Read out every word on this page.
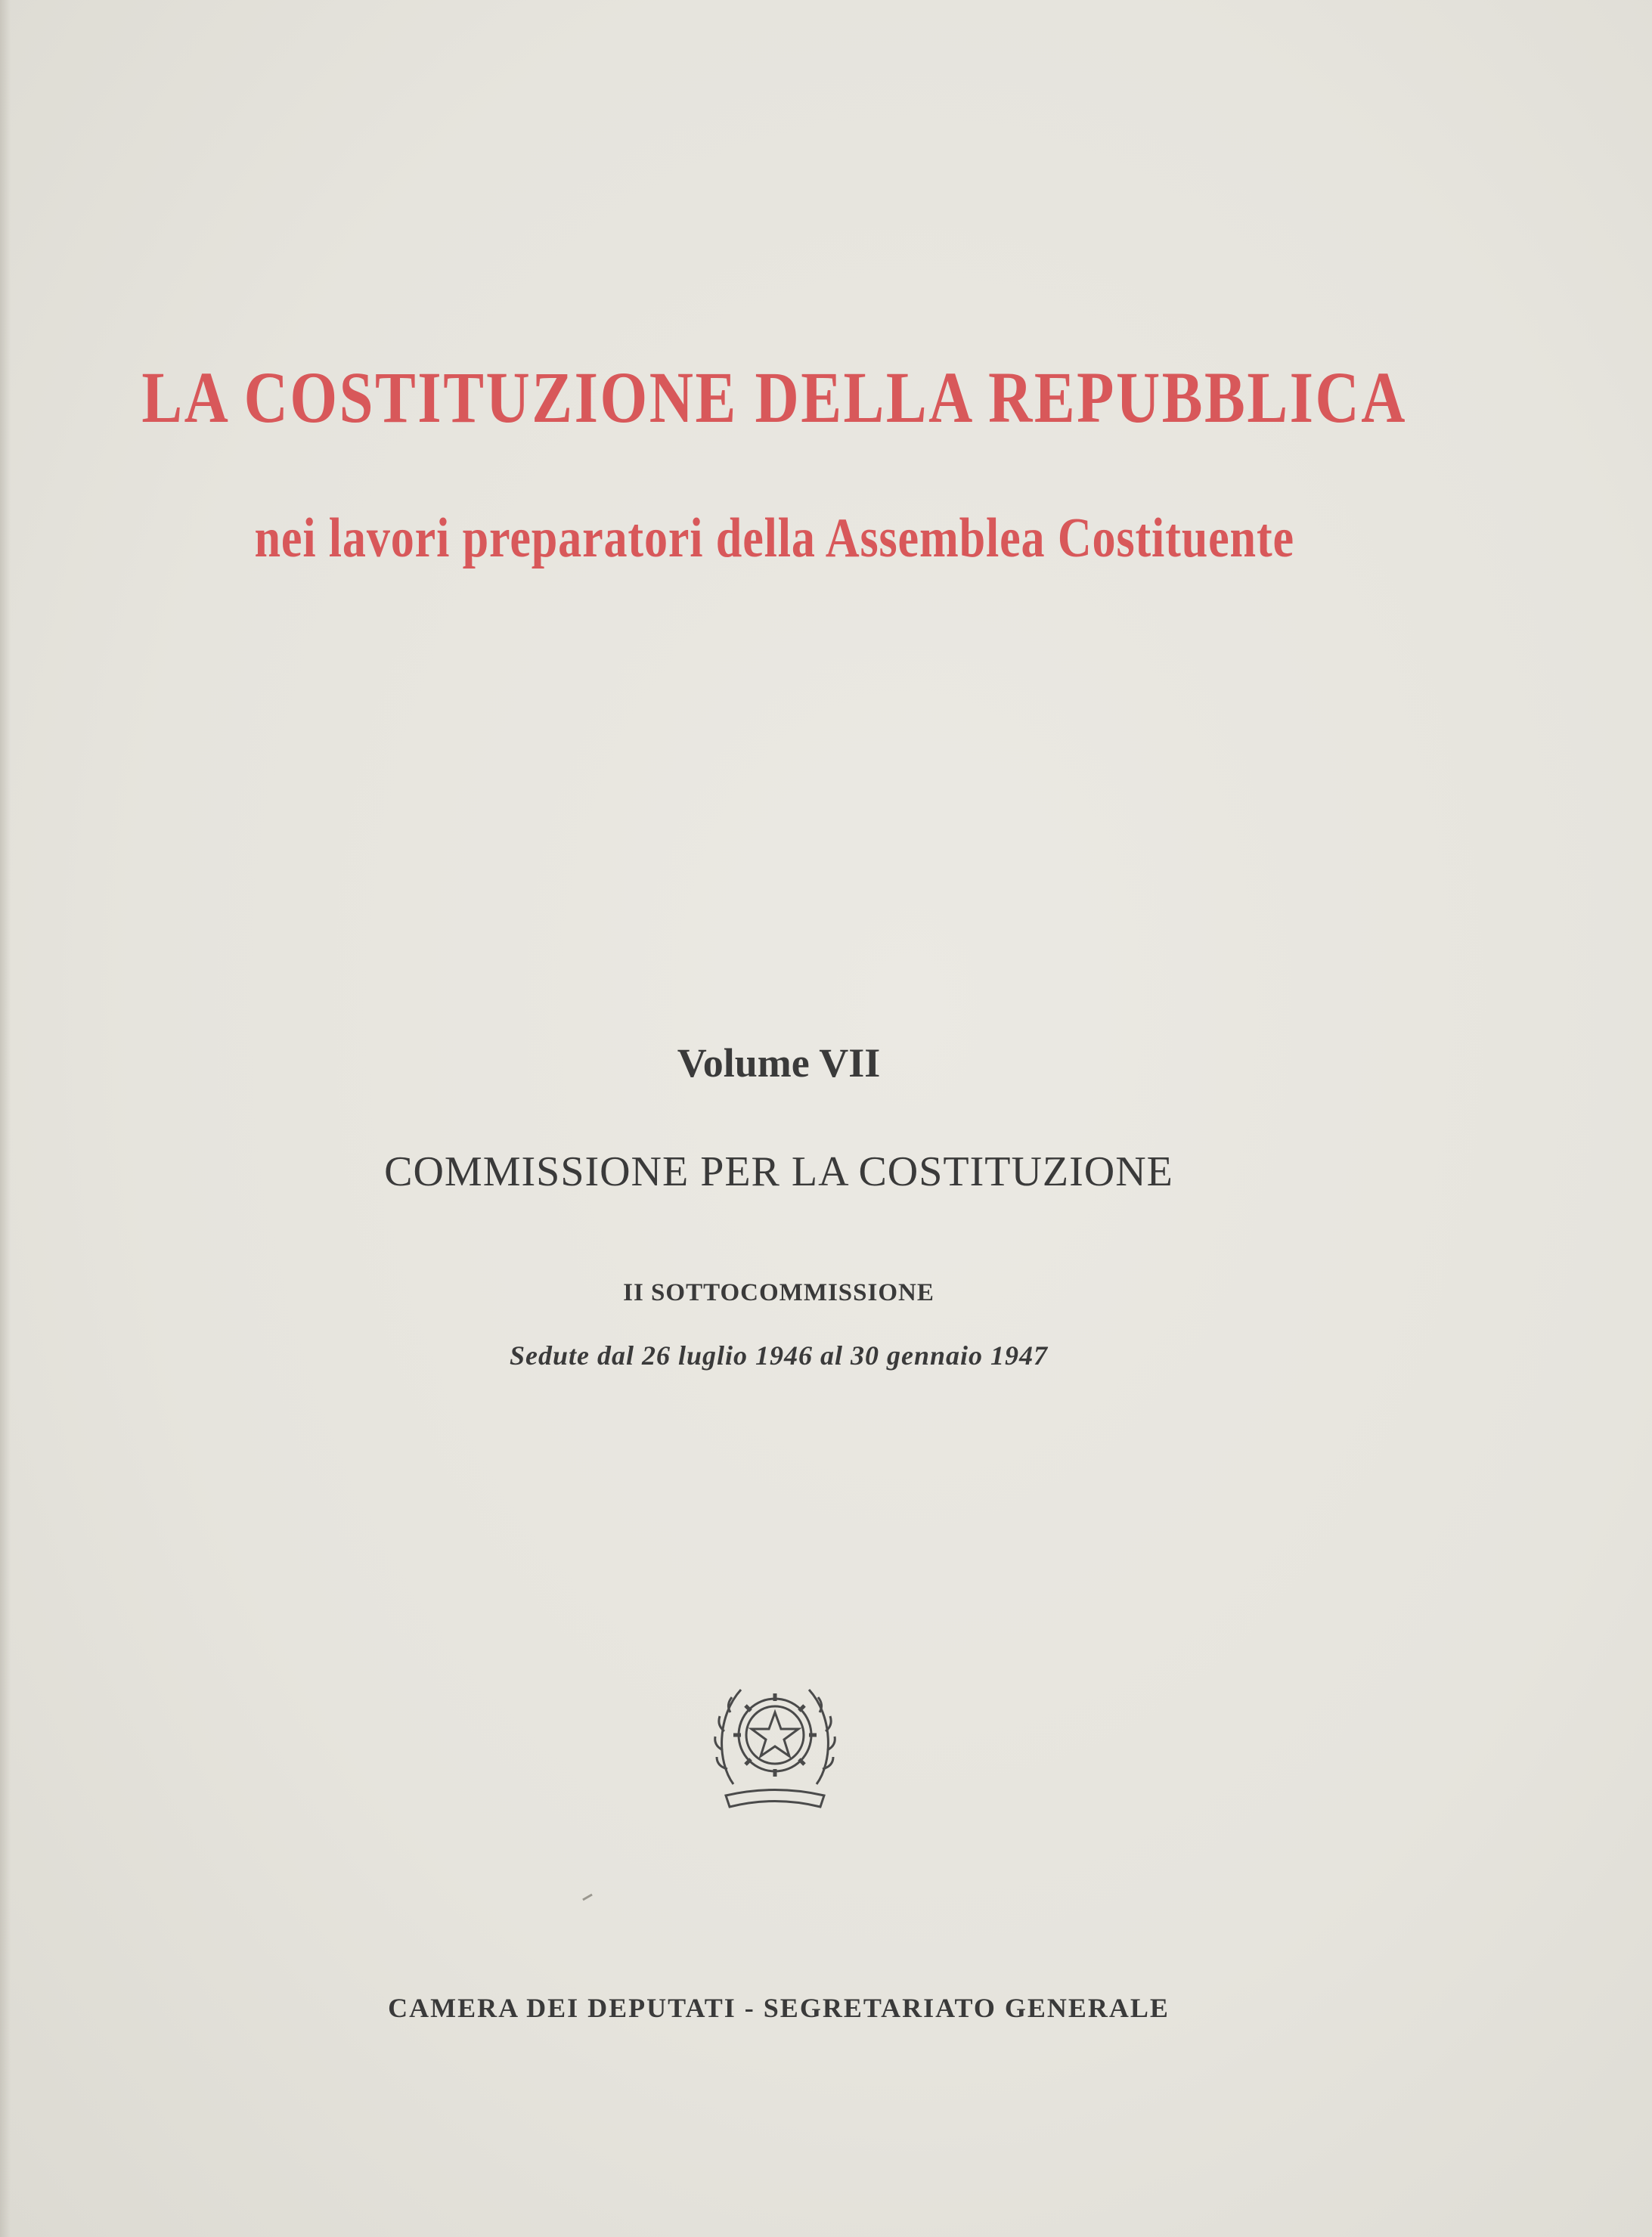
LA COSTITUZIONE DELLA REPUBBLICA
nei lavori preparatori della Assemblea Costituente
Volume VII
COMMISSIONE PER LA COSTITUZIONE
II SOTTOCOMMISSIONE
Sedute dal 26 luglio 1946 al 30 gennaio 1947
CAMERA DEI DEPUTATI - SEGRETARIATO GENERALE
